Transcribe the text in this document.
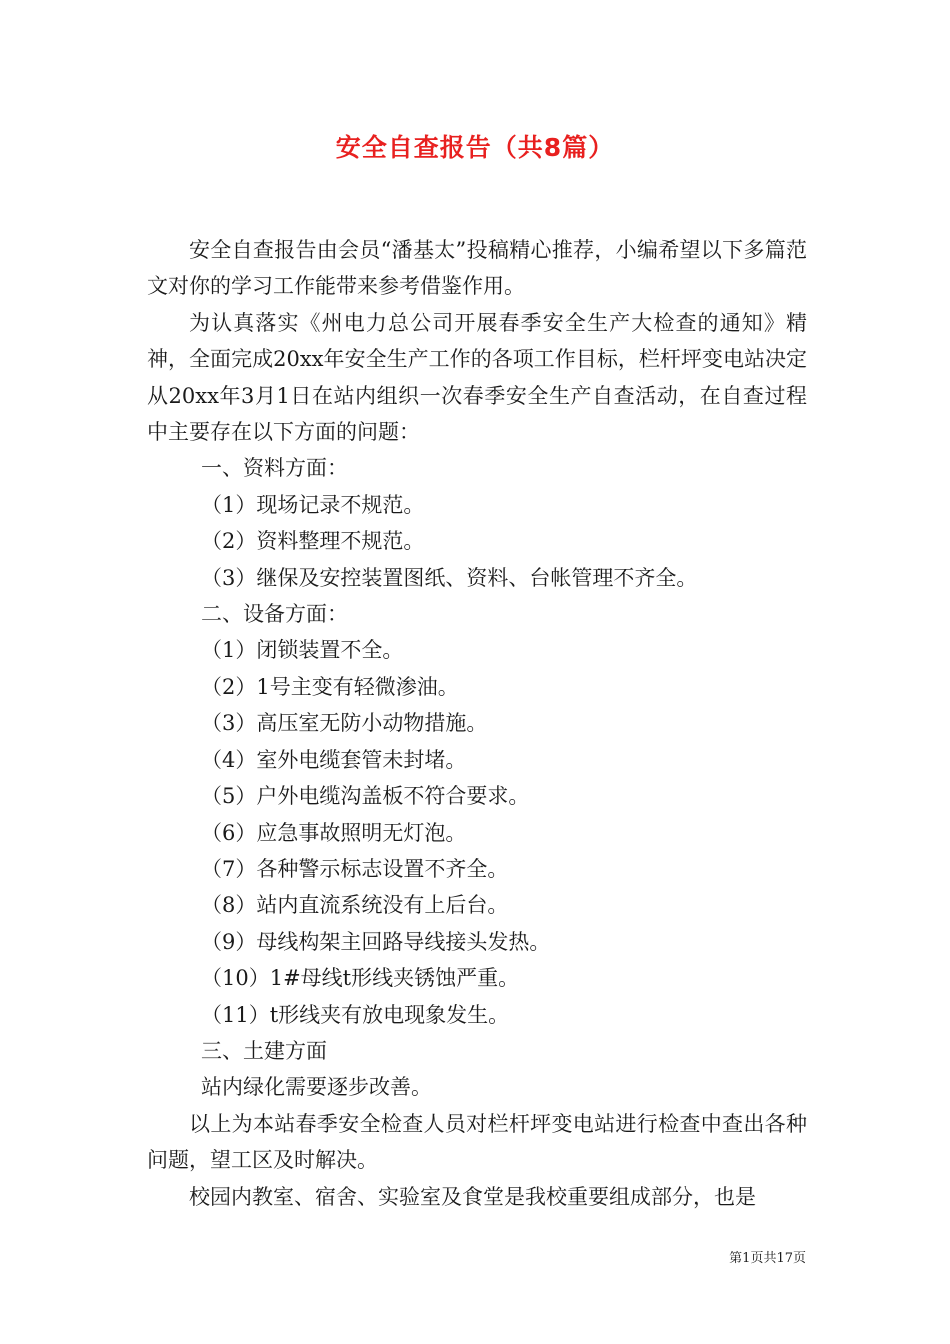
安全自查报告（共8篇）

安全自查报告由会员“潘基太”投稿精心推荐，小编希望以下多篇范文对你的学习工作能带来参考借鉴作用。

为认真落实《州电力总公司开展春季安全生产大检查的通知》精神，全面完成20xx年安全生产工作的各项工作目标，栏杆坪变电站决定从20xx年3月1日在站内组织一次春季安全生产自查活动，在自查过程中主要存在以下方面的问题：

一、资料方面：

（1）现场记录不规范。

（2）资料整理不规范。

（3）继保及安控装置图纸、资料、台帐管理不齐全。

二、设备方面：

（1）闭锁装置不全。

（2）1号主变有轻微渗油。

（3）高压室无防小动物措施。

（4）室外电缆套管未封堵。

（5）户外电缆沟盖板不符合要求。

（6）应急事故照明无灯泡。

（7）各种警示标志设置不齐全。

（8）站内直流系统没有上后台。

（9）母线构架主回路导线接头发热。

（10）1#母线t形线夹锈蚀严重。

（11）t形线夹有放电现象发生。

三、土建方面

站内绿化需要逐步改善。

以上为本站春季安全检查人员对栏杆坪变电站进行检查中查出各种问题，望工区及时解决。

校园内教室、宿舍、实验室及食堂是我校重要组成部分，也是

第1页共17页
